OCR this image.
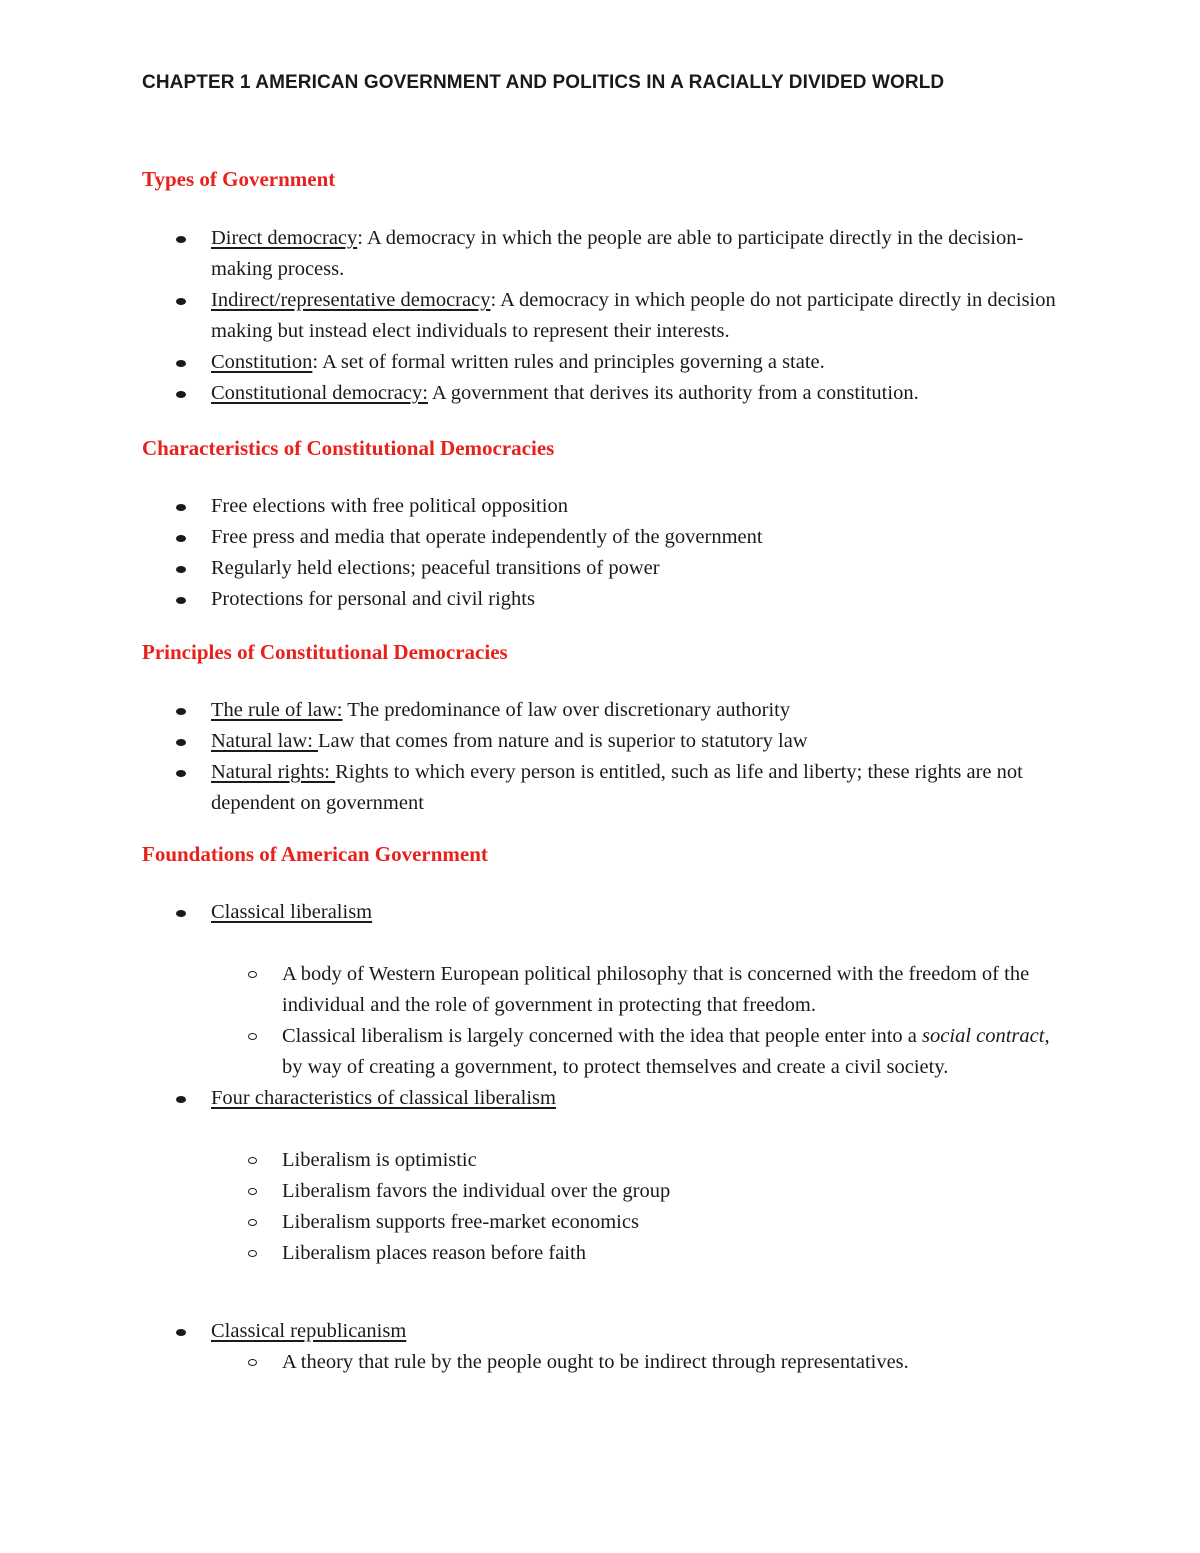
CHAPTER 1 AMERICAN GOVERNMENT AND POLITICS IN A RACIALLY DIVIDED WORLD
Types of Government
Direct democracy: A democracy in which the people are able to participate directly in the decision-making process.
Indirect/representative democracy: A democracy in which people do not participate directly in decision making but instead elect individuals to represent their interests.
Constitution: A set of formal written rules and principles governing a state.
Constitutional democracy: A government that derives its authority from a constitution.
Characteristics of Constitutional Democracies
Free elections with free political opposition
Free press and media that operate independently of the government
Regularly held elections; peaceful transitions of power
Protections for personal and civil rights
Principles of Constitutional Democracies
The rule of law: The predominance of law over discretionary authority
Natural law: Law that comes from nature and is superior to statutory law
Natural rights: Rights to which every person is entitled, such as life and liberty; these rights are not dependent on government
Foundations of American Government
Classical liberalism
A body of Western European political philosophy that is concerned with the freedom of the individual and the role of government in protecting that freedom.
Classical liberalism is largely concerned with the idea that people enter into a social contract, by way of creating a government, to protect themselves and create a civil society.
Four characteristics of classical liberalism
Liberalism is optimistic
Liberalism favors the individual over the group
Liberalism supports free-market economics
Liberalism places reason before faith
Classical republicanism
A theory that rule by the people ought to be indirect through representatives.
